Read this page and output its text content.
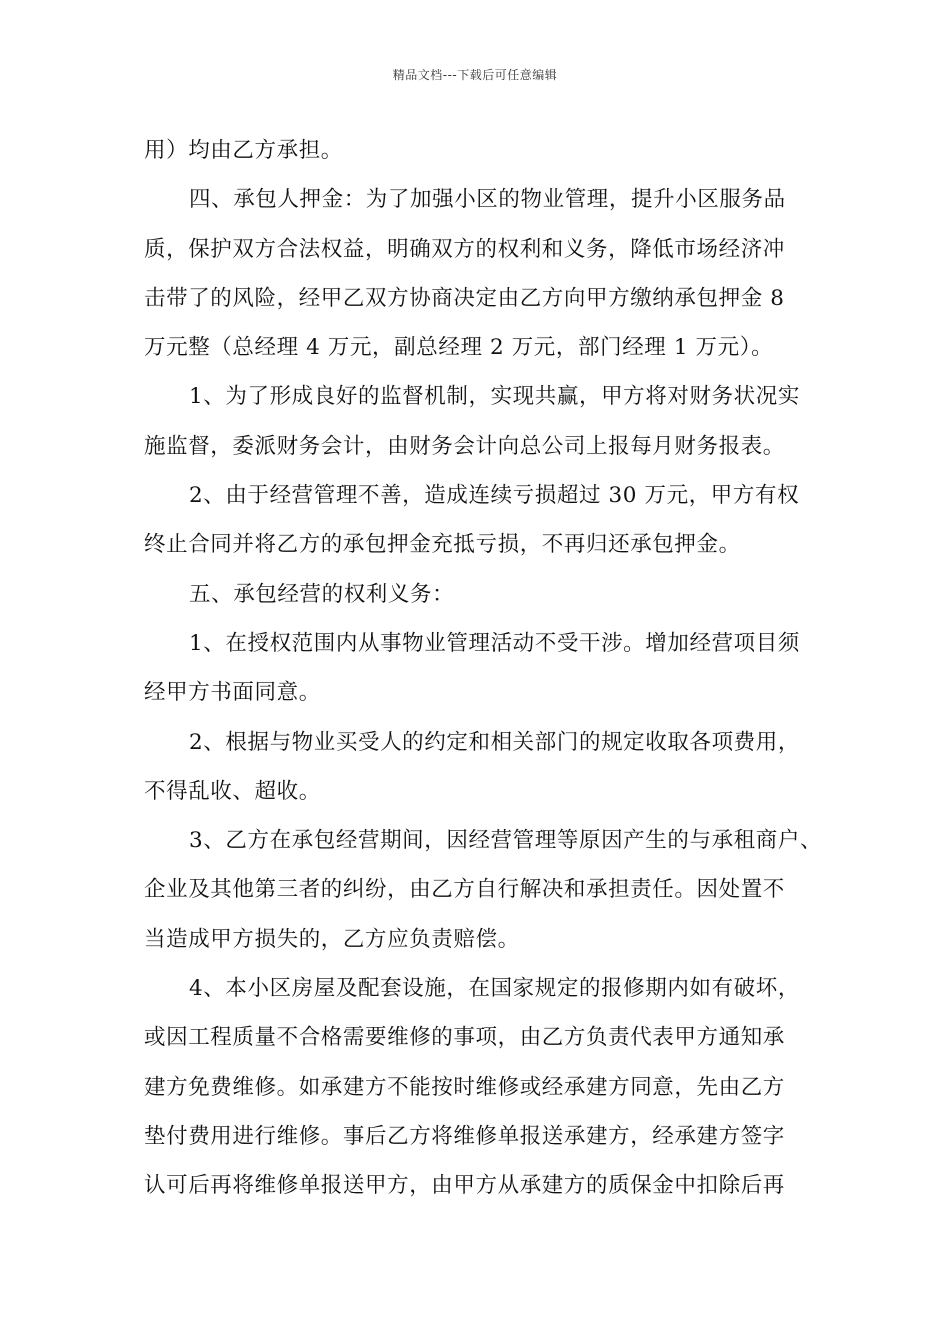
精品文档---下载后可任意编辑
用）均由乙方承担。
四、承包人押金：为了加强小区的物业管理，提升小区服务品
质，保护双方合法权益，明确双方的权利和义务，降低市场经济冲
击带了的风险，经甲乙双方协商决定由乙方向甲方缴纳承包押金 8
万元整（总经理 4 万元，副总经理 2 万元，部门经理 1 万元）。
1、为了形成良好的监督机制，实现共赢，甲方将对财务状况实
施监督，委派财务会计，由财务会计向总公司上报每月财务报表。
2、由于经营管理不善，造成连续亏损超过 30 万元，甲方有权
终止合同并将乙方的承包押金充抵亏损，不再归还承包押金。
五、承包经营的权利义务：
1、在授权范围内从事物业管理活动不受干涉。增加经营项目须
经甲方书面同意。
2、根据与物业买受人的约定和相关部门的规定收取各项费用，
不得乱收、超收。
3、乙方在承包经营期间，因经营管理等原因产生的与承租商户、
企业及其他第三者的纠纷，由乙方自行解决和承担责任。因处置不
当造成甲方损失的，乙方应负责赔偿。
4、本小区房屋及配套设施，在国家规定的报修期内如有破坏，
或因工程质量不合格需要维修的事项，由乙方负责代表甲方通知承
建方免费维修。如承建方不能按时维修或经承建方同意，先由乙方
垫付费用进行维修。事后乙方将维修单报送承建方，经承建方签字
认可后再将维修单报送甲方，由甲方从承建方的质保金中扣除后再
